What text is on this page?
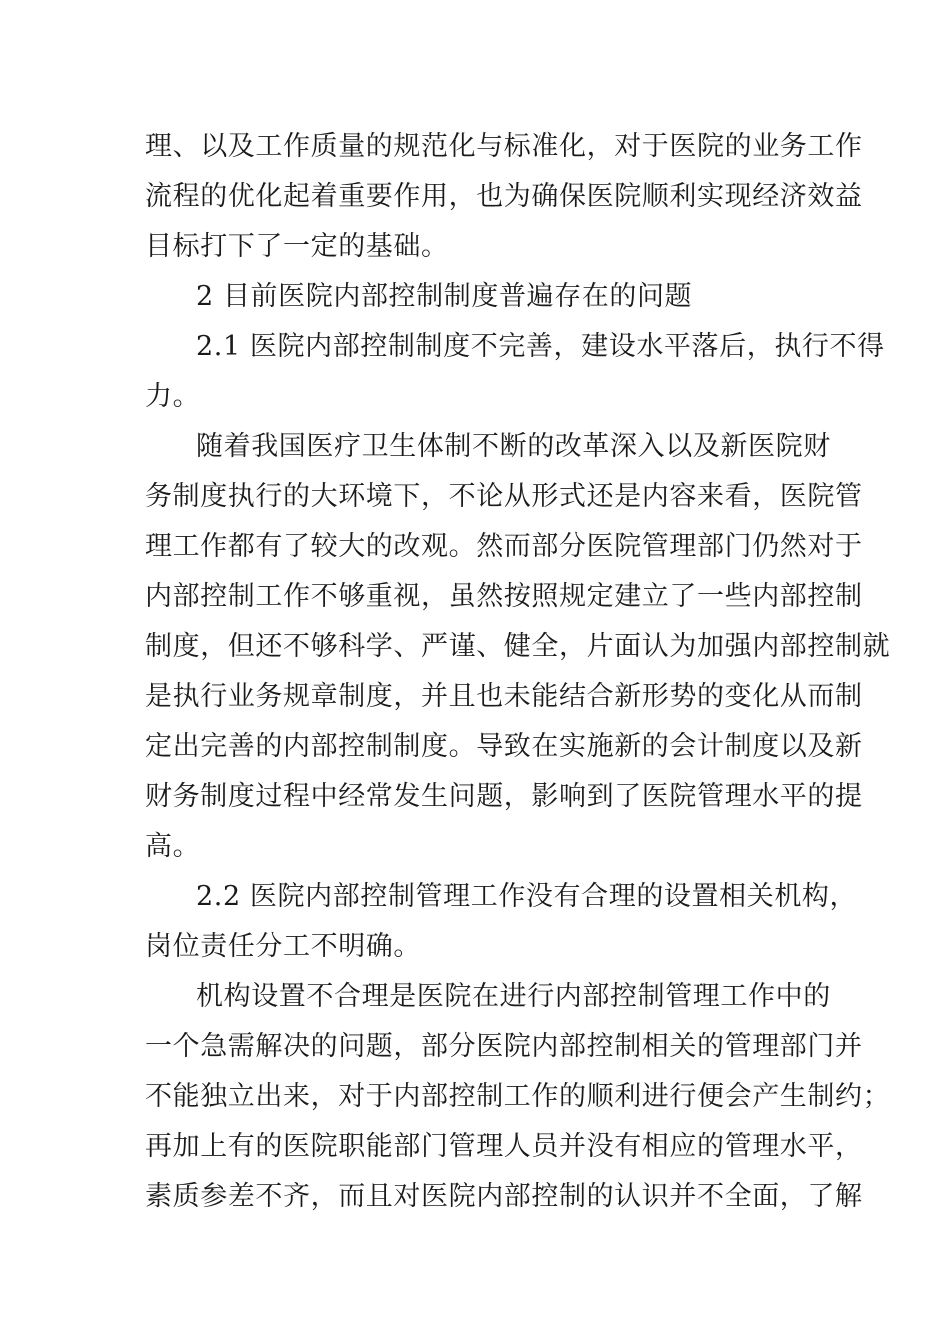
理、以及工作质量的规范化与标准化，对于医院的业务工作
流程的优化起着重要作用，也为确保医院顺利实现经济效益
目标打下了一定的基础。
2 目前医院内部控制制度普遍存在的问题
2.1 医院内部控制制度不完善，建设水平落后，执行不得
力。
随着我国医疗卫生体制不断的改革深入以及新医院财
务制度执行的大环境下，不论从形式还是内容来看，医院管
理工作都有了较大的改观。然而部分医院管理部门仍然对于
内部控制工作不够重视，虽然按照规定建立了一些内部控制
制度，但还不够科学、严谨、健全，片面认为加强内部控制就
是执行业务规章制度，并且也未能结合新形势的变化从而制
定出完善的内部控制制度。导致在实施新的会计制度以及新
财务制度过程中经常发生问题，影响到了医院管理水平的提
高。
2.2 医院内部控制管理工作没有合理的设置相关机构，
岗位责任分工不明确。
机构设置不合理是医院在进行内部控制管理工作中的
一个急需解决的问题，部分医院内部控制相关的管理部门并
不能独立出来，对于内部控制工作的顺利进行便会产生制约；
再加上有的医院职能部门管理人员并没有相应的管理水平，
素质参差不齐，而且对医院内部控制的认识并不全面，了解
